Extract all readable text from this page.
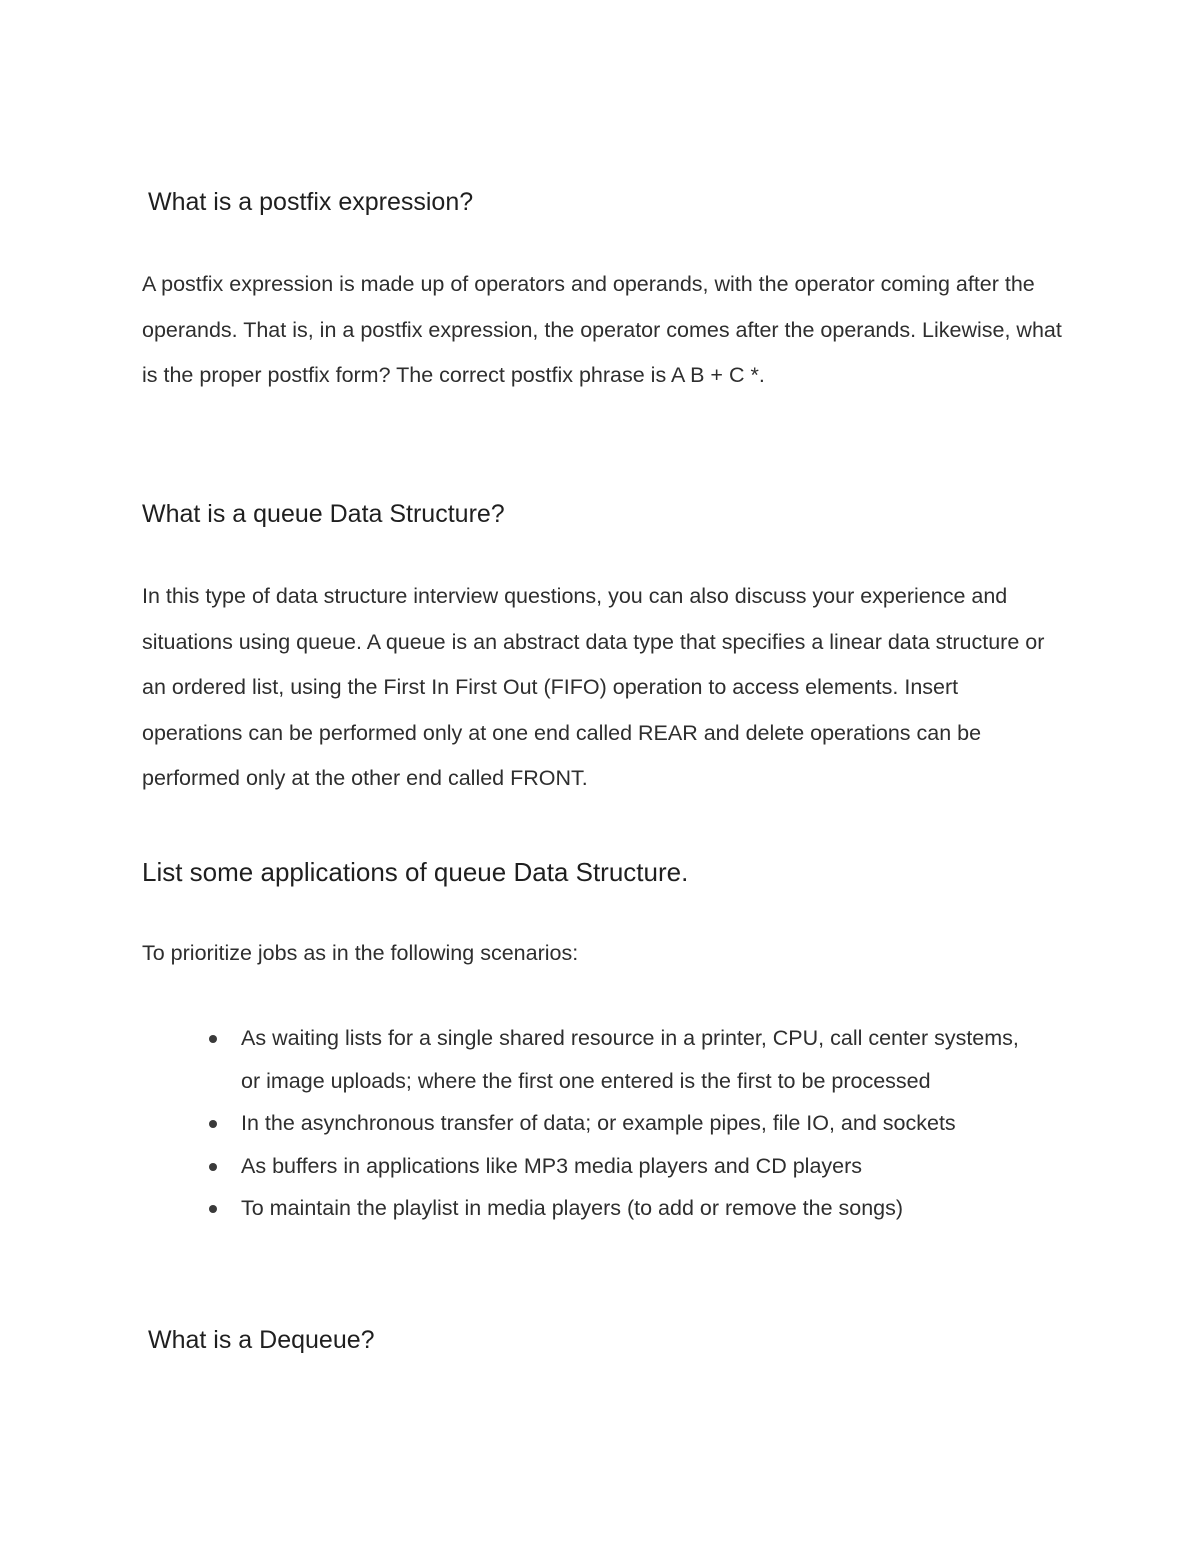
What is a postfix expression?

A postfix expression is made up of operators and operands, with the operator coming after the operands. That is, in a postfix expression, the operator comes after the operands. Likewise, what is the proper postfix form? The correct postfix phrase is A B + C *.

What is a queue Data Structure?

In this type of data structure interview questions, you can also discuss your experience and situations using queue. A queue is an abstract data type that specifies a linear data structure or an ordered list, using the First In First Out (FIFO) operation to access elements. Insert operations can be performed only at one end called REAR and delete operations can be performed only at the other end called FRONT.

List some applications of queue Data Structure.

To prioritize jobs as in the following scenarios:

As waiting lists for a single shared resource in a printer, CPU, call center systems, or image uploads; where the first one entered is the first to be processed
In the asynchronous transfer of data; or example pipes, file IO, and sockets
As buffers in applications like MP3 media players and CD players
To maintain the playlist in media players (to add or remove the songs)
What is a Dequeue?
